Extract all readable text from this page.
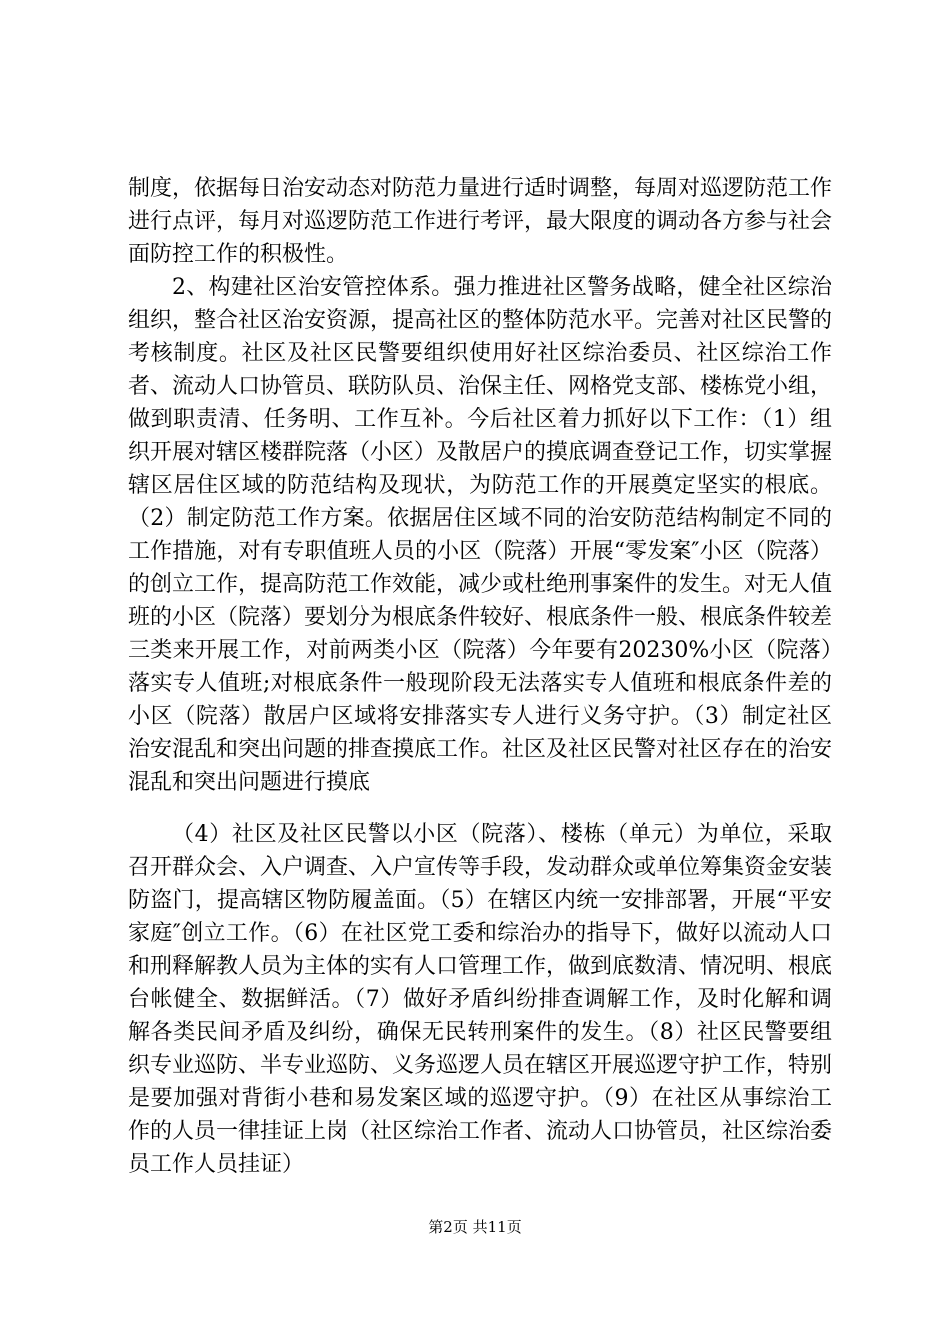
制度，依据每日治安动态对防范力量进行适时调整，每周对巡逻防范工作进行点评，每月对巡逻防范工作进行考评，最大限度的调动各方参与社会面防控工作的积极性。

2、构建社区治安管控体系。强力推进社区警务战略，健全社区综治组织，整合社区治安资源，提高社区的整体防范水平。完善对社区民警的考核制度。社区及社区民警要组织使用好社区综治委员、社区综治工作者、流动人口协管员、联防队员、治保主任、网格党支部、楼栋党小组，做到职责清、任务明、工作互补。今后社区着力抓好以下工作：（1）组织开展对辖区楼群院落（小区）及散居户的摸底调查登记工作，切实掌握辖区居住区域的防范结构及现状，为防范工作的开展奠定坚实的根底。（2）制定防范工作方案。依据居住区域不同的治安防范结构制定不同的工作措施，对有专职值班人员的小区（院落）开展“零发案″小区（院落）的创立工作，提高防范工作效能，减少或杜绝刑事案件的发生。对无人值班的小区（院落）要划分为根底条件较好、根底条件一般、根底条件较差三类来开展工作，对前两类小区（院落）今年要有20230%小区（院落）落实专人值班;对根底条件一般现阶段无法落实专人值班和根底条件差的小区（院落）散居户区域将安排落实专人进行义务守护。（3）制定社区治安混乱和突出问题的排查摸底工作。社区及社区民警对社区存在的治安混乱和突出问题进行摸底

（4）社区及社区民警以小区（院落）、楼栋（单元）为单位，采取召开群众会、入户调查、入户宣传等手段，发动群众或单位筹集资金安装防盗门，提高辖区物防履盖面。（5）在辖区内统一安排部署，开展“平安家庭″创立工作。（6）在社区党工委和综治办的指导下，做好以流动人口和刑释解教人员为主体的实有人口管理工作，做到底数清、情况明、根底台帐健全、数据鲜活。（7）做好矛盾纠纷排查调解工作，及时化解和调解各类民间矛盾及纠纷，确保无民转刑案件的发生。（8）社区民警要组织专业巡防、半专业巡防、义务巡逻人员在辖区开展巡逻守护工作，特别是要加强对背街小巷和易发案区域的巡逻守护。（9）在社区从事综治工作的人员一律挂证上岗（社区综治工作者、流动人口协管员，社区综治委员工作人员挂证）

第2页 共11页
